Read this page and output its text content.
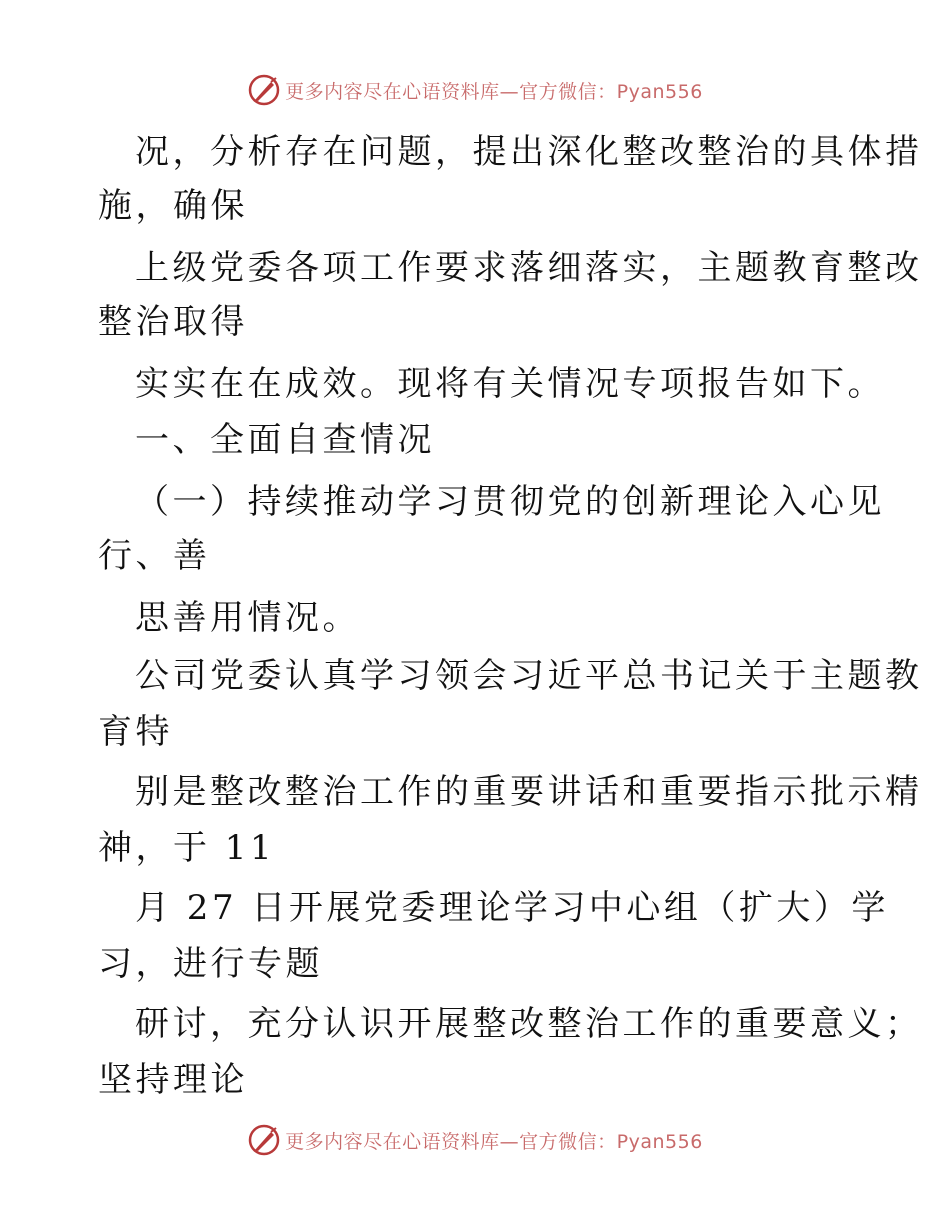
更多内容尽在心语资料库—官方微信：Pyan556
况，分析存在问题，提出深化整改整治的具体措
施，确保
上级党委各项工作要求落细落实，主题教育整改
整治取得
实实在在成效。现将有关情况专项报告如下。
一、全面自查情况
（一）持续推动学习贯彻党的创新理论入心见
行、善
思善用情况。
公司党委认真学习领会习近平总书记关于主题教
育特
别是整改整治工作的重要讲话和重要指示批示精
神，于 11
月 27 日开展党委理论学习中心组（扩大）学
习，进行专题
研讨，充分认识开展整改整治工作的重要意义；
坚持理论
更多内容尽在心语资料库—官方微信：Pyan556
